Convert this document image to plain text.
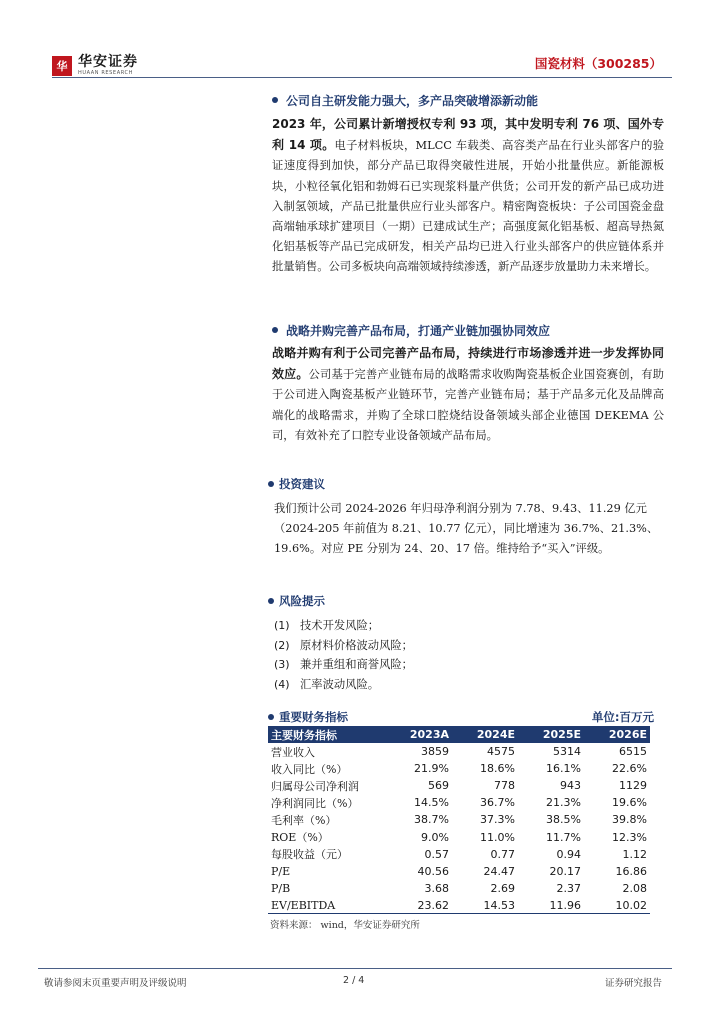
华 华安证券
HUAAN RESEARCH
国瓷材料（300285）
公司自主研发能力强大，多产品突破增添新动能

2023 年，公司累计新增授权专利 93 项，其中发明专利 76 项、国外专利 14 项。电子材料板块，MLCC 车载类、高容类产品在行业头部客户的验证速度得到加快，部分产品已取得突破性进展，开始小批量供应。新能源板块，小粒径氧化铝和勃姆石已实现浆料量产供货；公司开发的新产品已成功进入制氢领域，产品已批量供应行业头部客户。精密陶瓷板块：子公司国瓷金盘高端轴承球扩建项目（一期）已建成试生产；高强度氮化铝基板、超高导热氮化铝基板等产品已完成研发，相关产品均已进入行业头部客户的供应链体系并批量销售。公司多板块向高端领域持续渗透，新产品逐步放量助力未来增长。

战略并购完善产品布局，打通产业链加强协同效应

战略并购有利于公司完善产品布局，持续进行市场渗透并进一步发挥协同效应。公司基于完善产业链布局的战略需求收购陶瓷基板企业国瓷赛创，有助于公司进入陶瓷基板产业链环节，完善产业链布局；基于产品多元化及品牌高端化的战略需求，并购了全球口腔烧结设备领域头部企业德国 DEKEMA 公司，有效补充了口腔专业设备领域产品布局。

投资建议

我们预计公司 2024-2026 年归母净利润分别为 7.78、9.43、11.29 亿元（2024-205 年前值为 8.21、10.77 亿元），同比增速为 36.7%、21.3%、19.6%。对应 PE 分别为 24、20、17 倍。维持给予“买入”评级。

风险提示
(1) 技术开发风险；
(2) 原材料价格波动风险；
(3) 兼并重组和商誉风险；
(4) 汇率波动风险。
重要财务指标	单位:百万元
主要财务指标	2023A	2024E	2025E	2026E
营业收入	3859	4575	5314	6515
收入同比（%）	21.9%	18.6%	16.1%	22.6%
归属母公司净利润	569	778	943	1129
净利润同比（%）	14.5%	36.7%	21.3%	19.6%
毛利率（%）	38.7%	37.3%	38.5%	39.8%
ROE（%）	9.0%	11.0%	11.7%	12.3%
每股收益（元）	0.57	0.77	0.94	1.12
P/E	40.56	24.47	20.17	16.86
P/B	3.68	2.69	2.37	2.08
EV/EBITDA	23.62	14.53	11.96	10.02
资料来源： wind，华安证券研究所
敬请参阅末页重要声明及评级说明	2 / 4	证券研究报告
